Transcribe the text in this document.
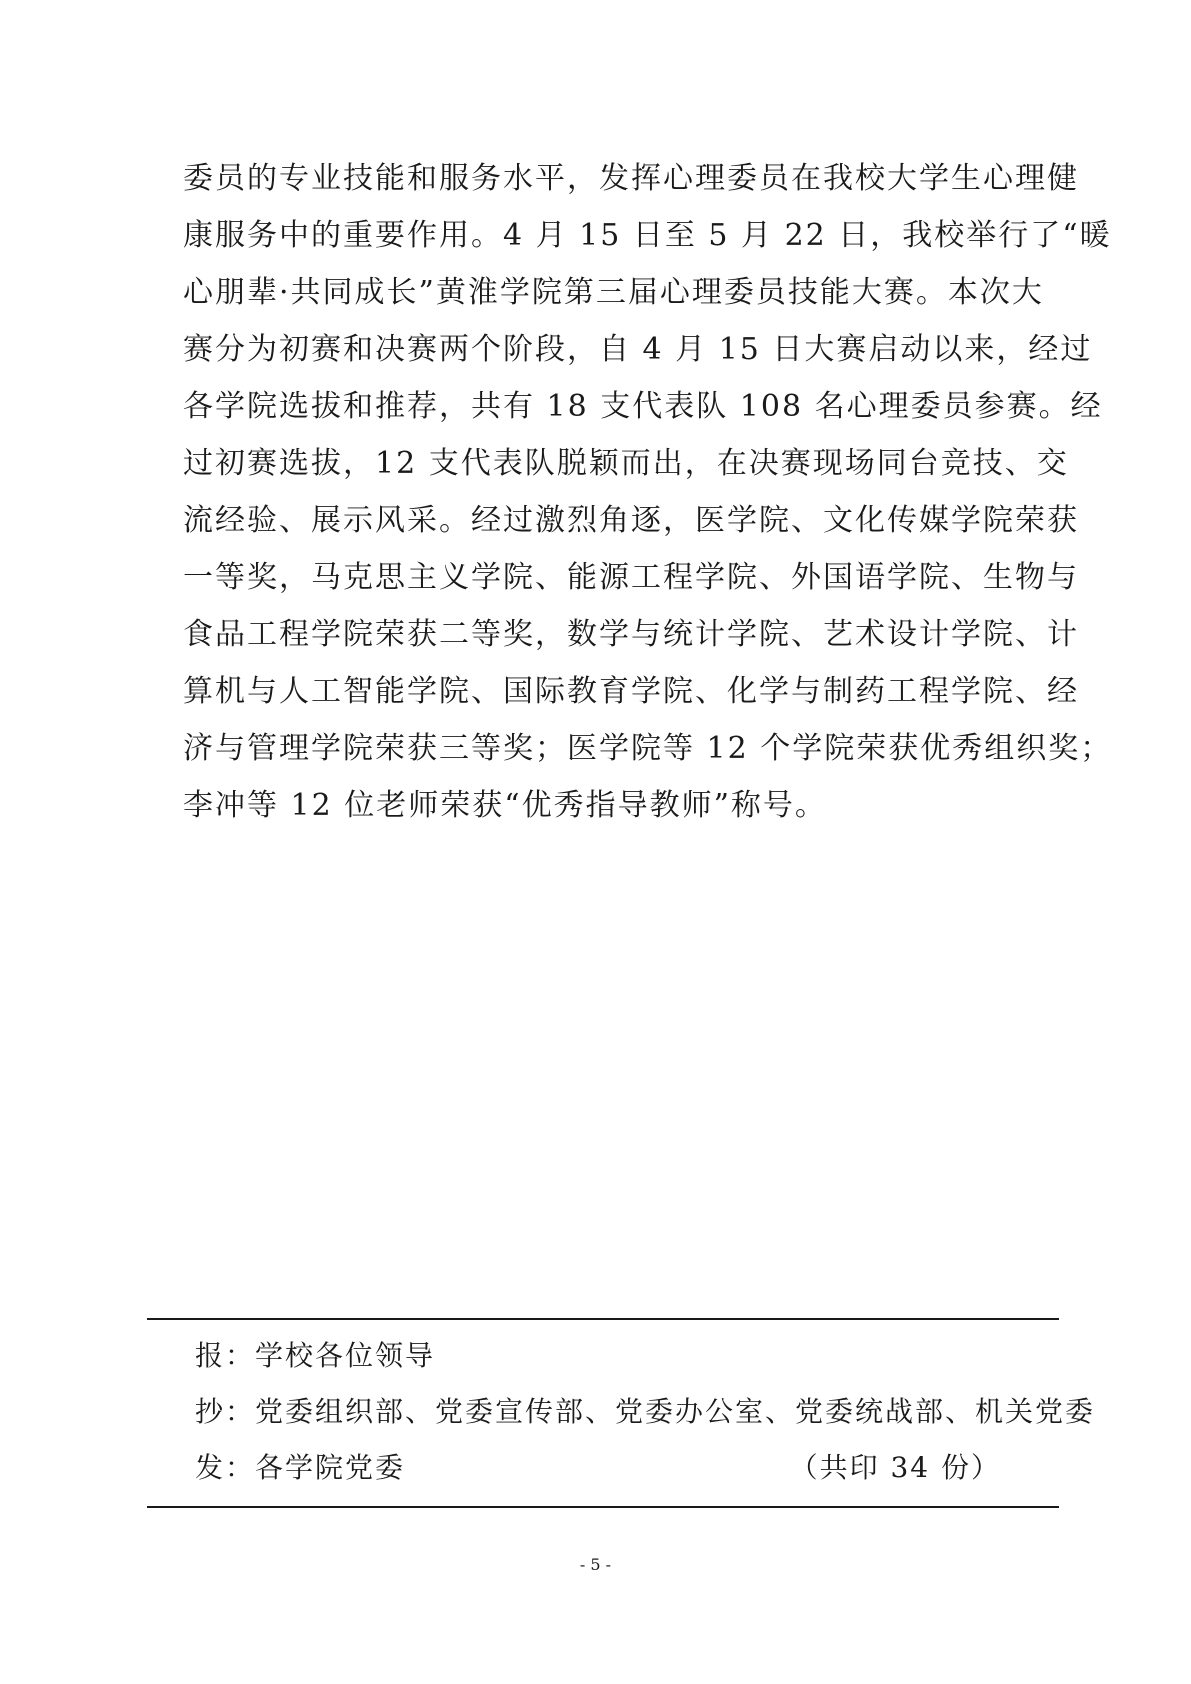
委员的专业技能和服务水平，发挥心理委员在我校大学生心理健
康服务中的重要作用。4 月 15 日至 5 月 22 日，我校举行了“暖
心朋辈·共同成长”黄淮学院第三届心理委员技能大赛。本次大
赛分为初赛和决赛两个阶段，自 4 月 15 日大赛启动以来，经过
各学院选拔和推荐，共有 18 支代表队 108 名心理委员参赛。经
过初赛选拔，12 支代表队脱颖而出，在决赛现场同台竞技、交
流经验、展示风采。经过激烈角逐，医学院、文化传媒学院荣获
一等奖，马克思主义学院、能源工程学院、外国语学院、生物与
食品工程学院荣获二等奖，数学与统计学院、艺术设计学院、计
算机与人工智能学院、国际教育学院、化学与制药工程学院、经
济与管理学院荣获三等奖；医学院等 12 个学院荣获优秀组织奖；
李冲等 12 位老师荣获“优秀指导教师”称号。
报：学校各位领导
抄：党委组织部、党委宣传部、党委办公室、党委统战部、机关党委
发：各学院党委	（共印 34 份）
- 5 -
